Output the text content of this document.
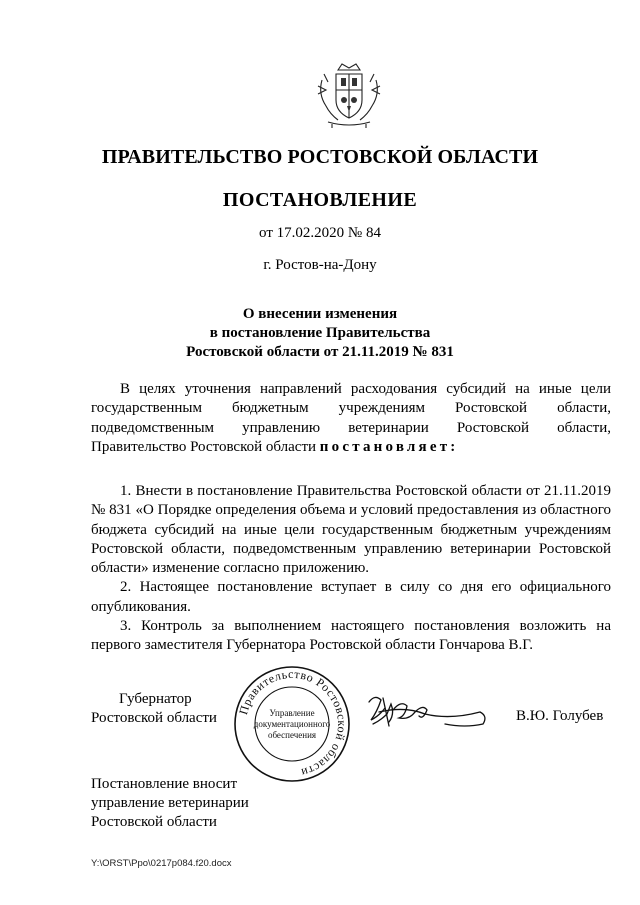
ПРАВИТЕЛЬСТВО РОСТОВСКОЙ ОБЛАСТИ
ПОСТАНОВЛЕНИЕ
от 17.02.2020 № 84
г. Ростов-на-Дону
О внесении изменения
в постановление Правительства
Ростовской области от 21.11.2019 № 831
В целях уточнения направлений расходования субсидий на иные цели государственным бюджетным учреждениям Ростовской области, подведомственным управлению ветеринарии Ростовской области, Правительство Ростовской области постановляет:
1. Внести в постановление Правительства Ростовской области от 21.11.2019 № 831 «О Порядке определения объема и условий предоставления из областного бюджета субсидий на иные цели государственным бюджетным учреждениям Ростовской области, подведомственным управлению ветеринарии Ростовской области» изменение согласно приложению.
2. Настоящее постановление вступает в силу со дня его официального опубликования.
3. Контроль за выполнением настоящего постановления возложить на первого заместителя Губернатора Ростовской области Гончарова В.Г.
Губернатор
Ростовской области
Правительство Ростовской области
Управление
документационного
обеспечения
В.Ю. Голубев
Постановление вносит
управление ветеринарии
Ростовской области
Y:\ORST\Ppo\0217p084.f20.docx
